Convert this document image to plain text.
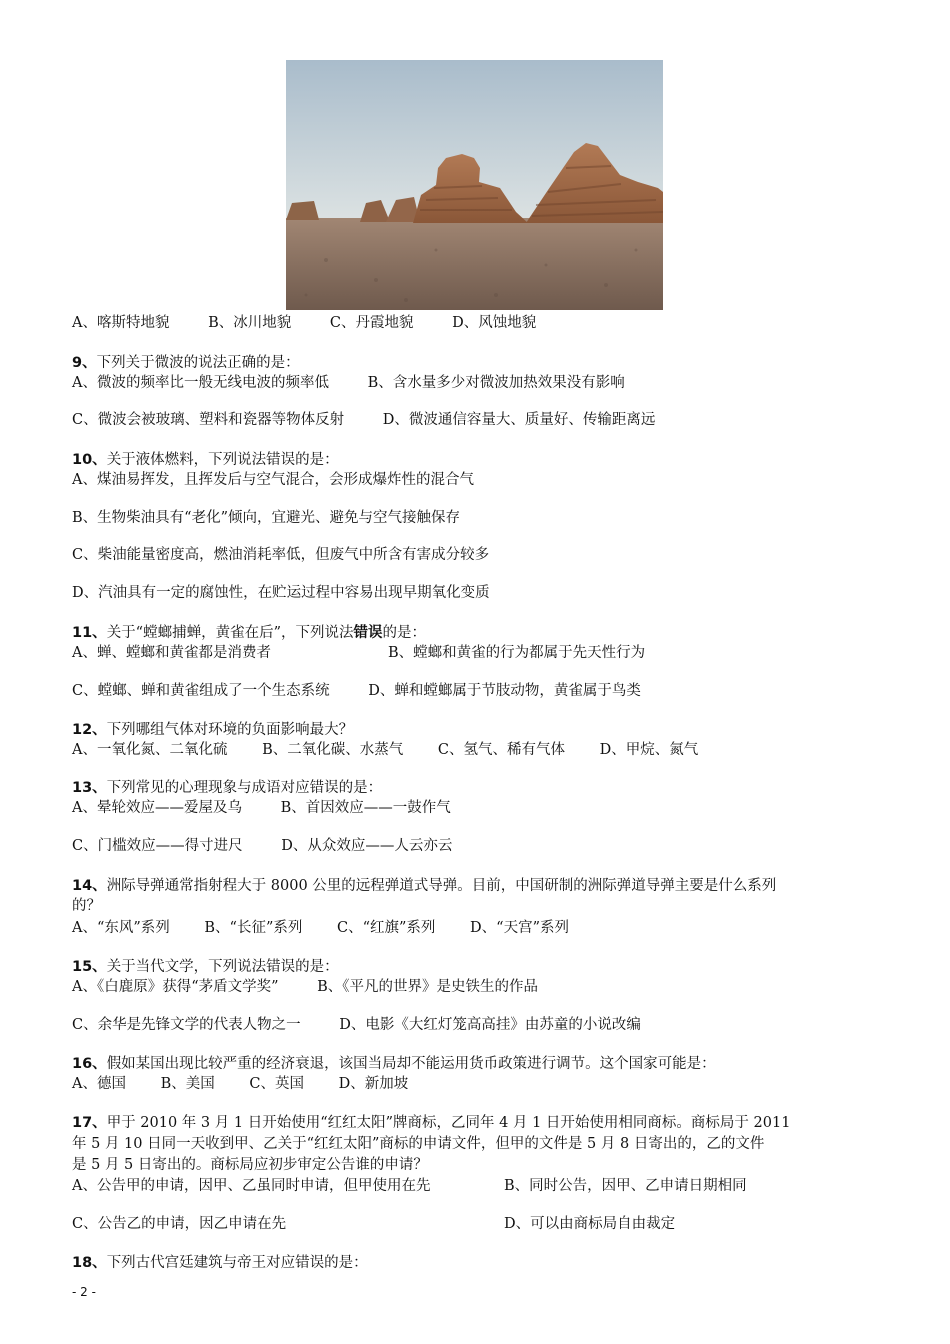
A、喀斯特地貌	B、冰川地貌	C、丹霞地貌	D、风蚀地貌
9、下列关于微波的说法正确的是：
A、微波的频率比一般无线电波的频率低	B、含水量多少对微波加热效果没有影响
C、微波会被玻璃、塑料和瓷器等物体反射	D、微波通信容量大、质量好、传输距离远
10、关于液体燃料，下列说法错误的是：
A、煤油易挥发，且挥发后与空气混合，会形成爆炸性的混合气
B、生物柴油具有“老化”倾向，宜避光、避免与空气接触保存
C、柴油能量密度高，燃油消耗率低，但废气中所含有害成分较多
D、汽油具有一定的腐蚀性，在贮运过程中容易出现早期氧化变质
11、关于“螳螂捕蝉，黄雀在后”，下列说法错误的是：
A、蝉、螳螂和黄雀都是消费者	B、螳螂和黄雀的行为都属于先天性行为
C、螳螂、蝉和黄雀组成了一个生态系统	D、蝉和螳螂属于节肢动物，黄雀属于鸟类
12、下列哪组气体对环境的负面影响最大？
A、一氧化氮、二氧化硫 B、二氧化碳、水蒸气 C、氢气、稀有气体 D、甲烷、氮气
13、下列常见的心理现象与成语对应错误的是：
A、晕轮效应——爱屋及乌	B、首因效应——一鼓作气
C、门槛效应——得寸进尺	D、从众效应——人云亦云
14、洲际导弹通常指射程大于 8000 公里的远程弹道式导弹。目前，中国研制的洲际弹道导弹主要是什么系列
的？
A、“东风”系列 B、“长征”系列 C、“红旗”系列 D、“天宫”系列
15、关于当代文学，下列说法错误的是：
A、《白鹿原》获得“茅盾文学奖”	B、《平凡的世界》是史铁生的作品
C、余华是先锋文学的代表人物之一	D、电影《大红灯笼高高挂》由苏童的小说改编
16、假如某国出现比较严重的经济衰退，该国当局却不能运用货币政策进行调节。这个国家可能是：
A、德国 B、美国 C、英国 D、新加坡
17、甲于 2010 年 3 月 1 日开始使用“红红太阳”牌商标，乙同年 4 月 1 日开始使用相同商标。商标局于 2011
年 5 月 10 日同一天收到甲、乙关于“红红太阳”商标的申请文件，但甲的文件是 5 月 8 日寄出的，乙的文件
是 5 月 5 日寄出的。商标局应初步审定公告谁的申请？
A、公告甲的申请，因甲、乙虽同时申请，但甲使用在先	B、同时公告，因甲、乙申请日期相同
C、公告乙的申请，因乙申请在先	D、可以由商标局自由裁定
18、下列古代宫廷建筑与帝王对应错误的是：
- 2 -
